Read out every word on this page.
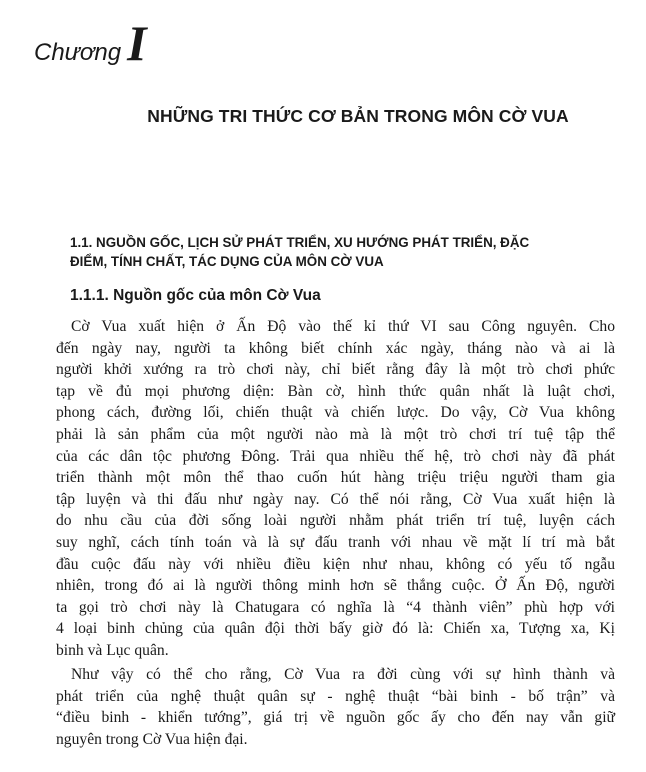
Chương I
NHỮNG TRI THỨC CƠ BẢN TRONG MÔN CỜ VUA
1.1. NGUỒN GỐC, LỊCH SỬ PHÁT TRIỂN, XU HƯỚNG PHÁT TRIỂN, ĐẶC
ĐIỂM, TÍNH CHẤT, TÁC DỤNG CỦA MÔN CỜ VUA
1.1.1. Nguồn gốc của môn Cờ Vua
Cờ Vua xuất hiện ở Ấn Độ vào thế kỉ thứ VI sau Công nguyên. Cho
đến ngày nay, người ta không biết chính xác ngày, tháng nào và ai là
người khởi xướng ra trò chơi này, chỉ biết rằng đây là một trò chơi phức
tạp về đủ mọi phương diện: Bàn cờ, hình thức quân nhất là luật chơi,
phong cách, đường lối, chiến thuật và chiến lược. Do vậy, Cờ Vua không
phải là sản phẩm của một người nào mà là một trò chơi trí tuệ tập thể
của các dân tộc phương Đông. Trải qua nhiều thế hệ, trò chơi này đã phát
triển thành một môn thể thao cuốn hút hàng triệu triệu người tham gia
tập luyện và thi đấu như ngày nay. Có thể nói rằng, Cờ Vua xuất hiện là
do nhu cầu của đời sống loài người nhằm phát triển trí tuệ, luyện cách
suy nghĩ, cách tính toán và là sự đấu tranh với nhau về mặt lí trí mà bắt
đầu cuộc đấu này với nhiều điều kiện như nhau, không có yếu tố ngẫu
nhiên, trong đó ai là người thông minh hơn sẽ thắng cuộc. Ở Ấn Độ, người
ta gọi trò chơi này là Chatugara có nghĩa là “4 thành viên” phù hợp với
4 loại binh chủng của quân đội thời bấy giờ đó là: Chiến xa, Tượng xa, Kị
binh và Lục quân.
Như vậy có thể cho rằng, Cờ Vua ra đời cùng với sự hình thành và
phát triển của nghệ thuật quân sự - nghệ thuật “bài binh - bố trận” và
“điều binh - khiển tướng”, giá trị về nguồn gốc ấy cho đến nay vẫn giữ
nguyên trong Cờ Vua hiện đại.
